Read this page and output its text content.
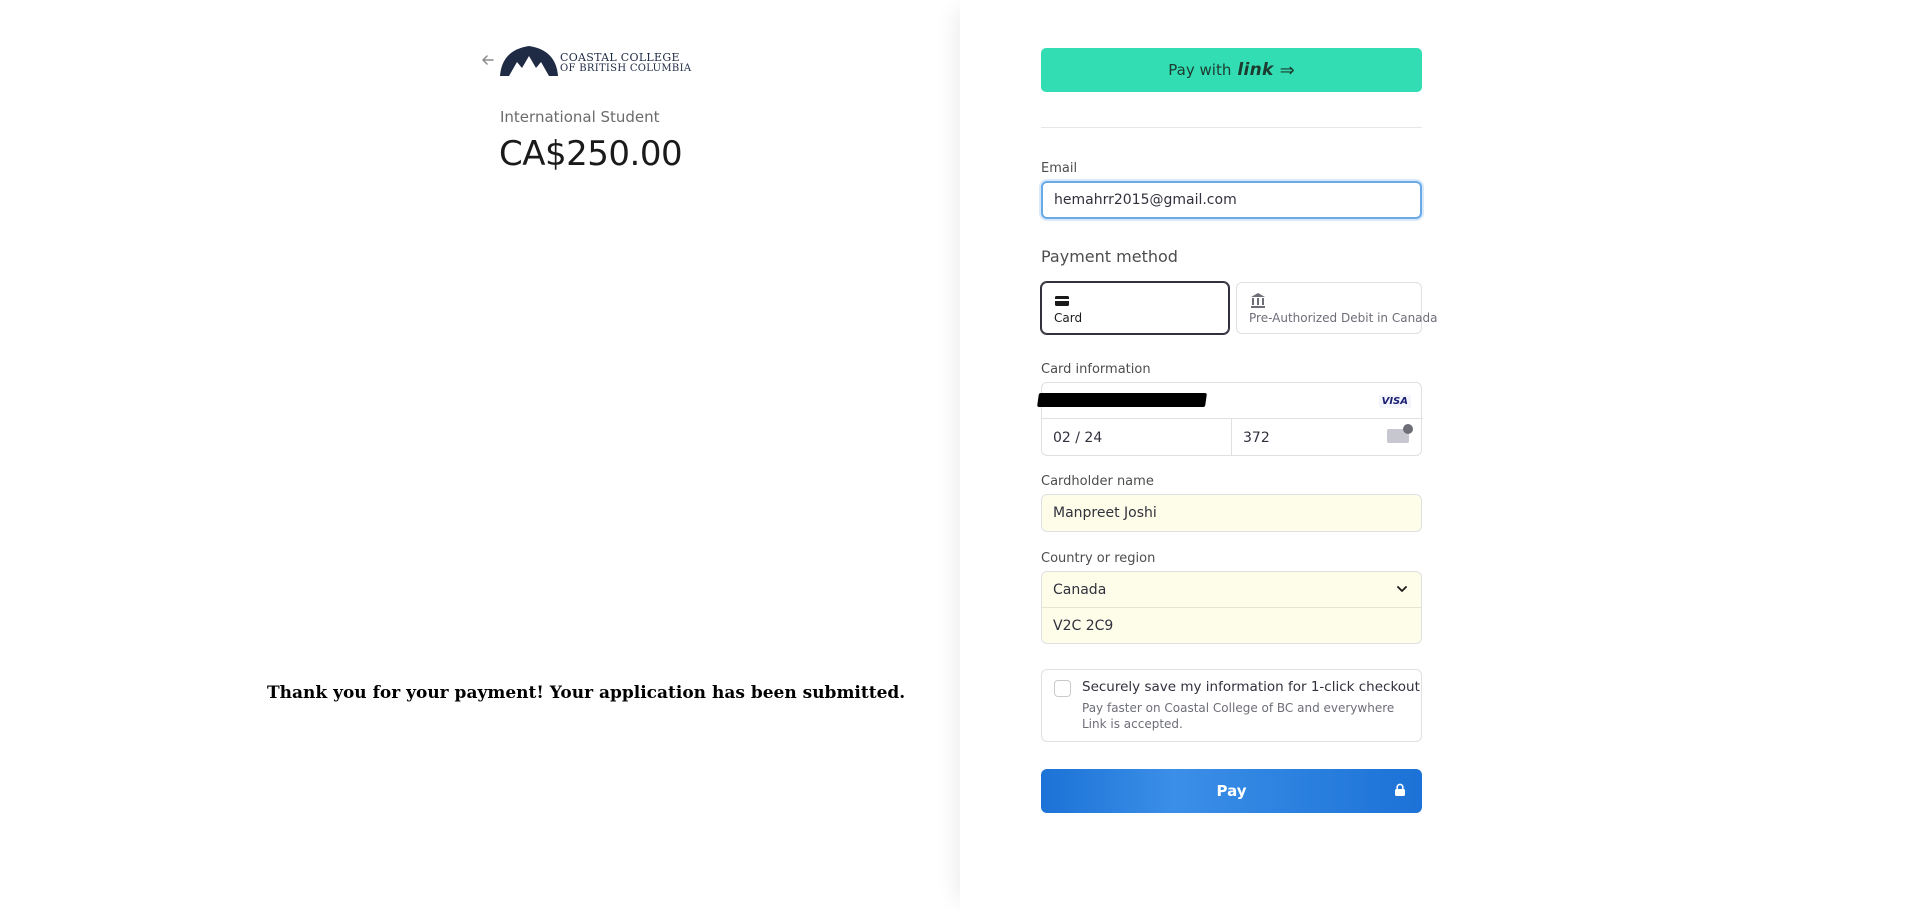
COASTAL COLLEGE
OF BRITISH COLUMBIA
International Student
CA$250.00
Thank you for your payment! Your application has been submitted.
Pay with link ⇒
Email
hemahrr2015@gmail.com
Payment method
Card	Pre-Authorized Debit in Canada
Card information
VISA
02 / 24	372
Cardholder name
Manpreet Joshi
Country or region
Canada
V2C 2C9
Securely save my information for 1-click checkout
Pay faster on Coastal College of BC and everywhere Link is accepted.
Pay
